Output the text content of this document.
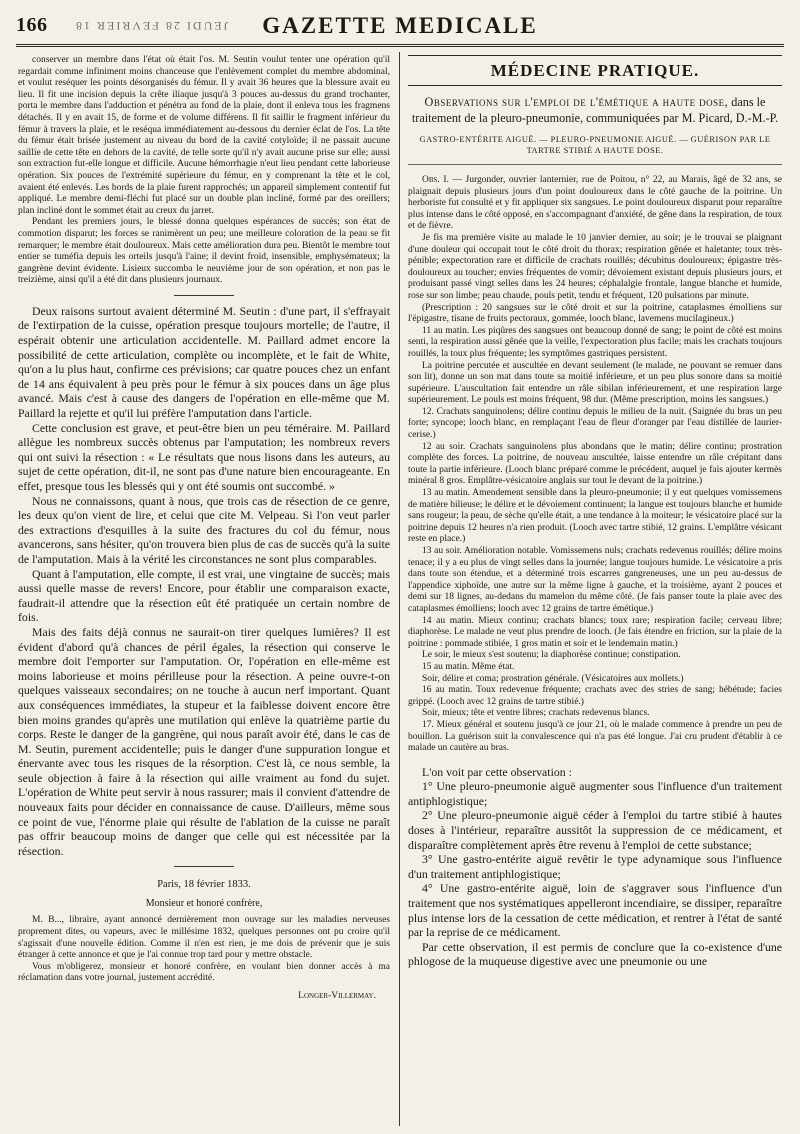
166 JEUDI 28 FEVRIER 18	GAZETTE MEDICALE

conserver un membre dans l'état où était l'os. M. Seutin voulut tenter une opération qu'il regardait comme infiniment moins chanceuse que l'enlèvement complet du membre abdominal, et voulut reséquer les points désorganisés du fémur. Il y avait 36 heures que la blessure avait eu lieu. Il fit une incision depuis la crête iliaque jusqu'à 3 pouces au-dessus du grand trochanter, porta le membre dans l'adduction et pénétra au fond de la plaie, dont il enleva tous les fragmens détachés. Il y en avait 15, de forme et de volume différens. Il fit saillir le fragment inférieur du fémur à travers la plaie, et le reséqua immédiatement au-dessous du dernier éclat de l'os. La tête du fémur était brisée justement au niveau du bord de la cavité cotyloïde; il ne passait aucune saillie de cette tête en dehors de la cavité, de telle sorte qu'il n'y avait aucune prise sur elle; aussi son extraction fut-elle longue et difficile. Aucune hémorrhagie n'eut lieu pendant cette laborieuse opération. Six pouces de l'extrémité supérieure du fémur, en y comprenant la tête et le col, avaient été enlevés. Les bords de la plaie furent rapprochés; un appareil simplement contentif fut appliqué. Le membre demi-fléchi fut placé sur un double plan incliné, formé par des oreillers; plan incliné dont le sommet était au creux du jarret.

Pendant les premiers jours, le blessé donna quelques espérances de succès; son état de commotion disparut; les forces se ranimèrent un peu; une meilleure coloration de la peau se fit remarquer; le membre était douloureux. Mais cette amélioration dura peu. Bientôt le membre tout entier se tuméfia depuis les orteils jusqu'à l'aine; il devint froid, insensible, emphysémateux; la gangrène devint évidente. Lisieux succomba le neuvième jour de son opération, et non pas le treizième, ainsi qu'il a été dit dans plusieurs journaux.

Deux raisons surtout avaient déterminé M. Seutin : d'une part, il s'effrayait de l'extirpation de la cuisse, opération presque toujours mortelle; de l'autre, il espérait obtenir une articulation accidentelle. M. Paillard admet encore la possibilité de cette articulation, complète ou incomplète, et le fait de White, qu'on a lu plus haut, confirme ces prévisions; car quatre pouces chez un enfant de 14 ans équivalent à peu près pour le fémur à six pouces dans un âge plus avancé. Mais c'est à cause des dangers de l'opération en elle-même que M. Paillard la rejette et qu'il lui préfère l'amputation dans l'article.

Cette conclusion est grave, et peut-être bien un peu téméraire. M. Paillard allègue les nombreux succès obtenus par l'amputation; les nombreux revers qui ont suivi la résection : « Le résultats que nous lisons dans les auteurs, au sujet de cette opération, dit-il, ne sont pas d'une nature bien encourageante. En effet, presque tous les blessés qui y ont été soumis ont succombé. »

Nous ne connaissons, quant à nous, que trois cas de résection de ce genre, les deux qu'on vient de lire, et celui que cite M. Velpeau. Si l'on veut parler des extractions d'esquilles à la suite des fractures du col du fémur, nous avancerons, sans hésiter, qu'on trouvera bien plus de cas de succès qu'à la suite de l'amputation. Mais à la vérité les circonstances ne sont plus comparables.

Quant à l'amputation, elle compte, il est vrai, une vingtaine de succès; mais aussi quelle masse de revers! Encore, pour établir une comparaison exacte, faudrait-il attendre que la résection eût été pratiquée un certain nombre de fois.

Mais des faits déjà connus ne saurait-on tirer quelques lumières? Il est évident d'abord qu'à chances de péril égales, la résection qui conserve le membre doit l'emporter sur l'amputation. Or, l'opération en elle-même est moins laborieuse et moins périlleuse pour la résection. A peine ouvre-t-on quelques vaisseaux secondaires; on ne touche à aucun nerf important. Quant aux conséquences immédiates, la stupeur et la faiblesse doivent encore être bien moins grandes qu'après une mutilation qui enlève la quatrième partie du corps. Reste le danger de la gangrène, qui nous paraît avoir été, dans le cas de M. Seutin, purement accidentelle; puis le danger d'une suppuration longue et énervante avec tous les risques de la résorption. C'est là, ce nous semble, la seule objection à faire à la résection qui aille vraiment au fond du sujet. L'opération de White peut servir à nous rassurer; mais il convient d'attendre de nouveaux faits pour décider en connaissance de cause. D'ailleurs, même sous ce point de vue, l'énorme plaie qui résulte de l'ablation de la cuisse ne paraît pas offrir beaucoup moins de danger que celle qui est nécessitée par la résection.

Paris, 18 février 1833.

Monsieur et honoré confrère,

M. B..., libraire, ayant annoncé dernièrement mon ouvrage sur les maladies nerveuses proprement dites, ou vapeurs, avec le millésime 1832, quelques personnes ont pu croire qu'il s'agissait d'une nouvelle édition. Comme il n'en est rien, je me dois de prévenir que je suis étranger à cette annonce et que je l'ai connue trop tard pour y mettre obstacle.

Vous m'obligerez, monsieur et honoré confrère, en voulant bien donner accès à ma réclamation dans votre journal, justement accrédité.

Longer-Villermay.

MÉDECINE PRATIQUE.
Observations sur l'emploi de l'émétique a haute dose, dans le traitement de la pleuro-pneumonie, communiquées par M. Picard, D.-M.-P.
GASTRO-ENTÉRITE AIGUË. — PLEURO-PNEUMONIE AIGUË. — GUÉRISON PAR LE TARTRE STIBIÉ A HAUTE DOSE.

Obs. I. — Jurgonder, ouvrier lanternier, rue de Poitou, n° 22, au Marais, âgé de 32 ans, se plaignait depuis plusieurs jours d'un point douloureux dans le côté gauche de la poitrine. Un herboriste fut consulté et y fit appliquer six sangsues. Le point douloureux disparut pour reparaître plus intense dans le côté opposé, en s'accompagnant d'anxiété, de gêne dans la respiration, de toux et de fièvre.

Je fis ma première visite au malade le 10 janvier dernier, au soir; je le trouvai se plaignant d'une douleur qui occupait tout le côté droit du thorax; respiration gênée et haletante; toux très-pénible; expectoration rare et difficile de crachats rouillés; décubitus douloureux; épigastre très-douloureux au toucher; envies fréquentes de vomir; dévoiement existant depuis plusieurs jours, et produisant passé vingt selles dans les 24 heures; céphalalgie frontale, langue blanche et humide, rose sur son limbe; peau chaude, pouls petit, tendu et fréquent, 120 pulsations par minute.

(Prescription : 20 sangsues sur le côté droit et sur la poitrine, cataplasmes émolliens sur l'épigastre, tisane de fruits pectoraux, gommée, looch blanc, lavemens mucilagineux.)

11 au matin. Les piqûres des sangsues ont beaucoup donné de sang; le point de côté est moins senti, la respiration aussi gênée que la veille, l'expectoration plus facile; mais les crachats toujours rouillés, la toux plus fréquente; les symptômes gastriques persistent.

La poitrine percutée et auscultée en devant seulement (le malade, ne pouvant se remuer dans son lit), donne un son mat dans toute sa moitié inférieure, et un peu plus sonore dans sa moitié supérieure. L'auscultation fait entendre un râle sibilan inférieurement, et une respiration large supérieurement. Le pouls est moins fréquent, 98 dur. (Même prescription, moins les sangsues.)

12. Crachats sanguinolens; délire continu depuis le milieu de la nuit. (Saignée du bras un peu forte; syncope; looch blanc, en remplaçant l'eau de fleur d'oranger par l'eau distillée de laurier-cerise.)

12 au soir. Crachats sanguinolens plus abondans que le matin; délire continu; prostration complète des forces. La poitrine, de nouveau auscultée, laisse entendre un râle crépitant dans toute la partie inférieure. (Looch blanc préparé comme le précédent, auquel je fais ajouter kermès minéral 8 gros. Emplâtre-vésicatoire anglais sur tout le devant de la poitrine.)

13 au matin. Amendement sensible dans la pleuro-pneumonie; il y eut quelques vomissemens de matière bilieuse; le délire et le dévoiement continuent; la langue est toujours blanche et humide sans rougeur; la peau, de sèche qu'elle était, a une tendance à la moiteur; le vésicatoire placé sur la poitrine depuis 12 heures n'a rien produit. (Looch avec tartre stibié, 12 grains. L'emplâtre vésicant reste en place.)

13 au soir. Amélioration notable. Vomissemens nuls; crachats redevenus rouillés; délire moins tenace; il y a eu plus de vingt selles dans la journée; langue toujours humide. Le vésicatoire a pris dans toute son étendue, et a déterminé trois escarres gangreneuses, une un peu au-dessus de l'appendice xiphoïde, une autre sur la même ligne à gauche, et la troisième, ayant 2 pouces et demi sur 18 lignes, au-dedans du mamelon du même côté. (Je fais panser toute la plaie avec des cataplasmes émolliens; looch avec 12 grains de tartre émétique.)

14 au matin. Mieux continu; crachats blancs; toux rare; respiration facile; cerveau libre; diaphorèse. Le malade ne veut plus prendre de looch. (Je fais étendre en friction, sur la plaie de la poitrine : pommade stibiée, 1 gros matin et soir et le lendemain matin.)

Le soir, le mieux s'est soutenu; la diaphorèse continue; constipation.

15 au matin. Même état.

Soir, délire et coma; prostration générale. (Vésicatoires aux mollets.)

16 au matin. Toux redevenue fréquente; crachats avec des stries de sang; hébétude; facies grippé. (Looch avec 12 grains de tartre stibié.)

Soir, mieux; tête et ventre libres; crachats redevenus blancs.

17. Mieux général et soutenu jusqu'à ce jour 21, où le malade commence à prendre un peu de bouillon. La guérison suit la convalescence qui n'a pas été longue. J'ai cru prudent d'établir à ce malade un cautère au bras.

L'on voit par cette observation :

1° Une pleuro-pneumonie aiguë augmenter sous l'influence d'un traitement antiphlogistique;

2° Une pleuro-pneumonie aiguë céder à l'emploi du tartre stibié à hautes doses à l'intérieur, reparaître aussitôt la suppression de ce médicament, et disparaître complètement après être revenu à l'emploi de cette substance;

3° Une gastro-entérite aiguë revêtir le type adynamique sous l'influence d'un traitement antiphlogistique;

4° Une gastro-entérite aiguë, loin de s'aggraver sous l'influence d'un traitement que nos systématiques appelleront incendiaire, se dissiper, reparaître plus intense lors de la cessation de cette médication, et rentrer à l'état de santé par la reprise de ce médicament.

Par cette observation, il est permis de conclure que la co-existence d'une phlogose de la muqueuse digestive avec une pneumonie ou une
